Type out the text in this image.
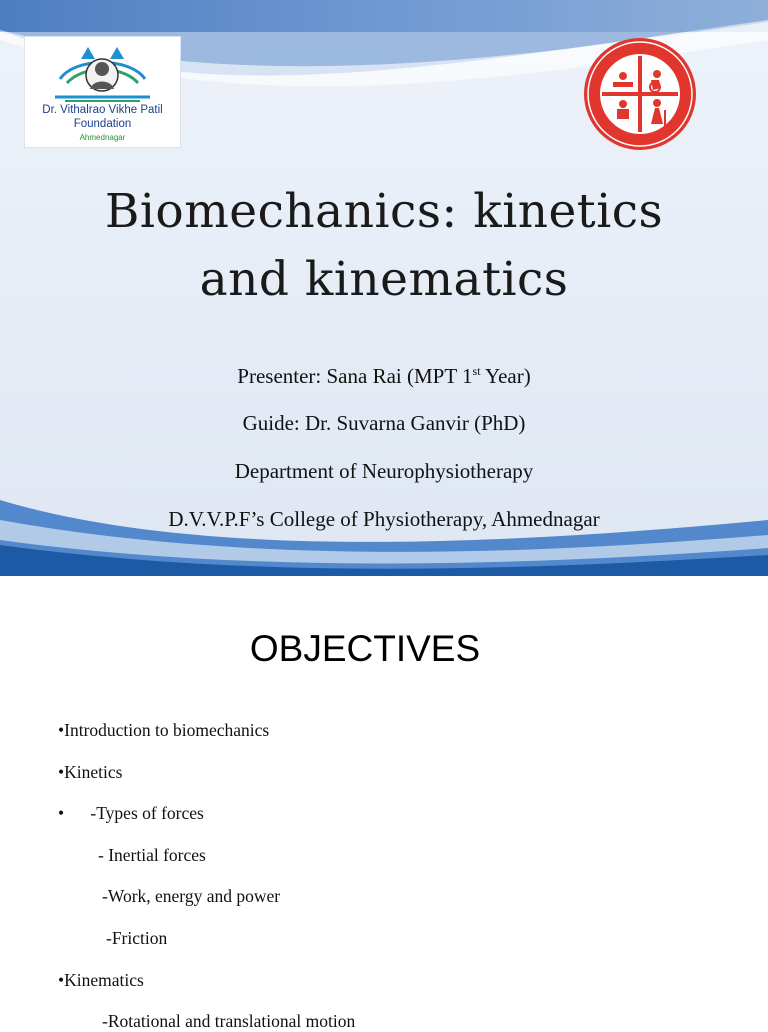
Dr. Vithalrao Vikhe Patil
Foundation
Ahmednagar
Biomechanics: kinetics
and kinematics
Presenter: Sana Rai (MPT 1st Year)
Guide: Dr. Suvarna Ganvir (PhD)
Department of Neurophysiotherapy
D.V.V.P.F’s College of Physiotherapy, Ahmednagar
OBJECTIVES
•Introduction to biomechanics
•Kinetics
•      -Types of forces
- Inertial forces
-Work, energy and power
-Friction
•Kinematics
-Rotational and translational motion
